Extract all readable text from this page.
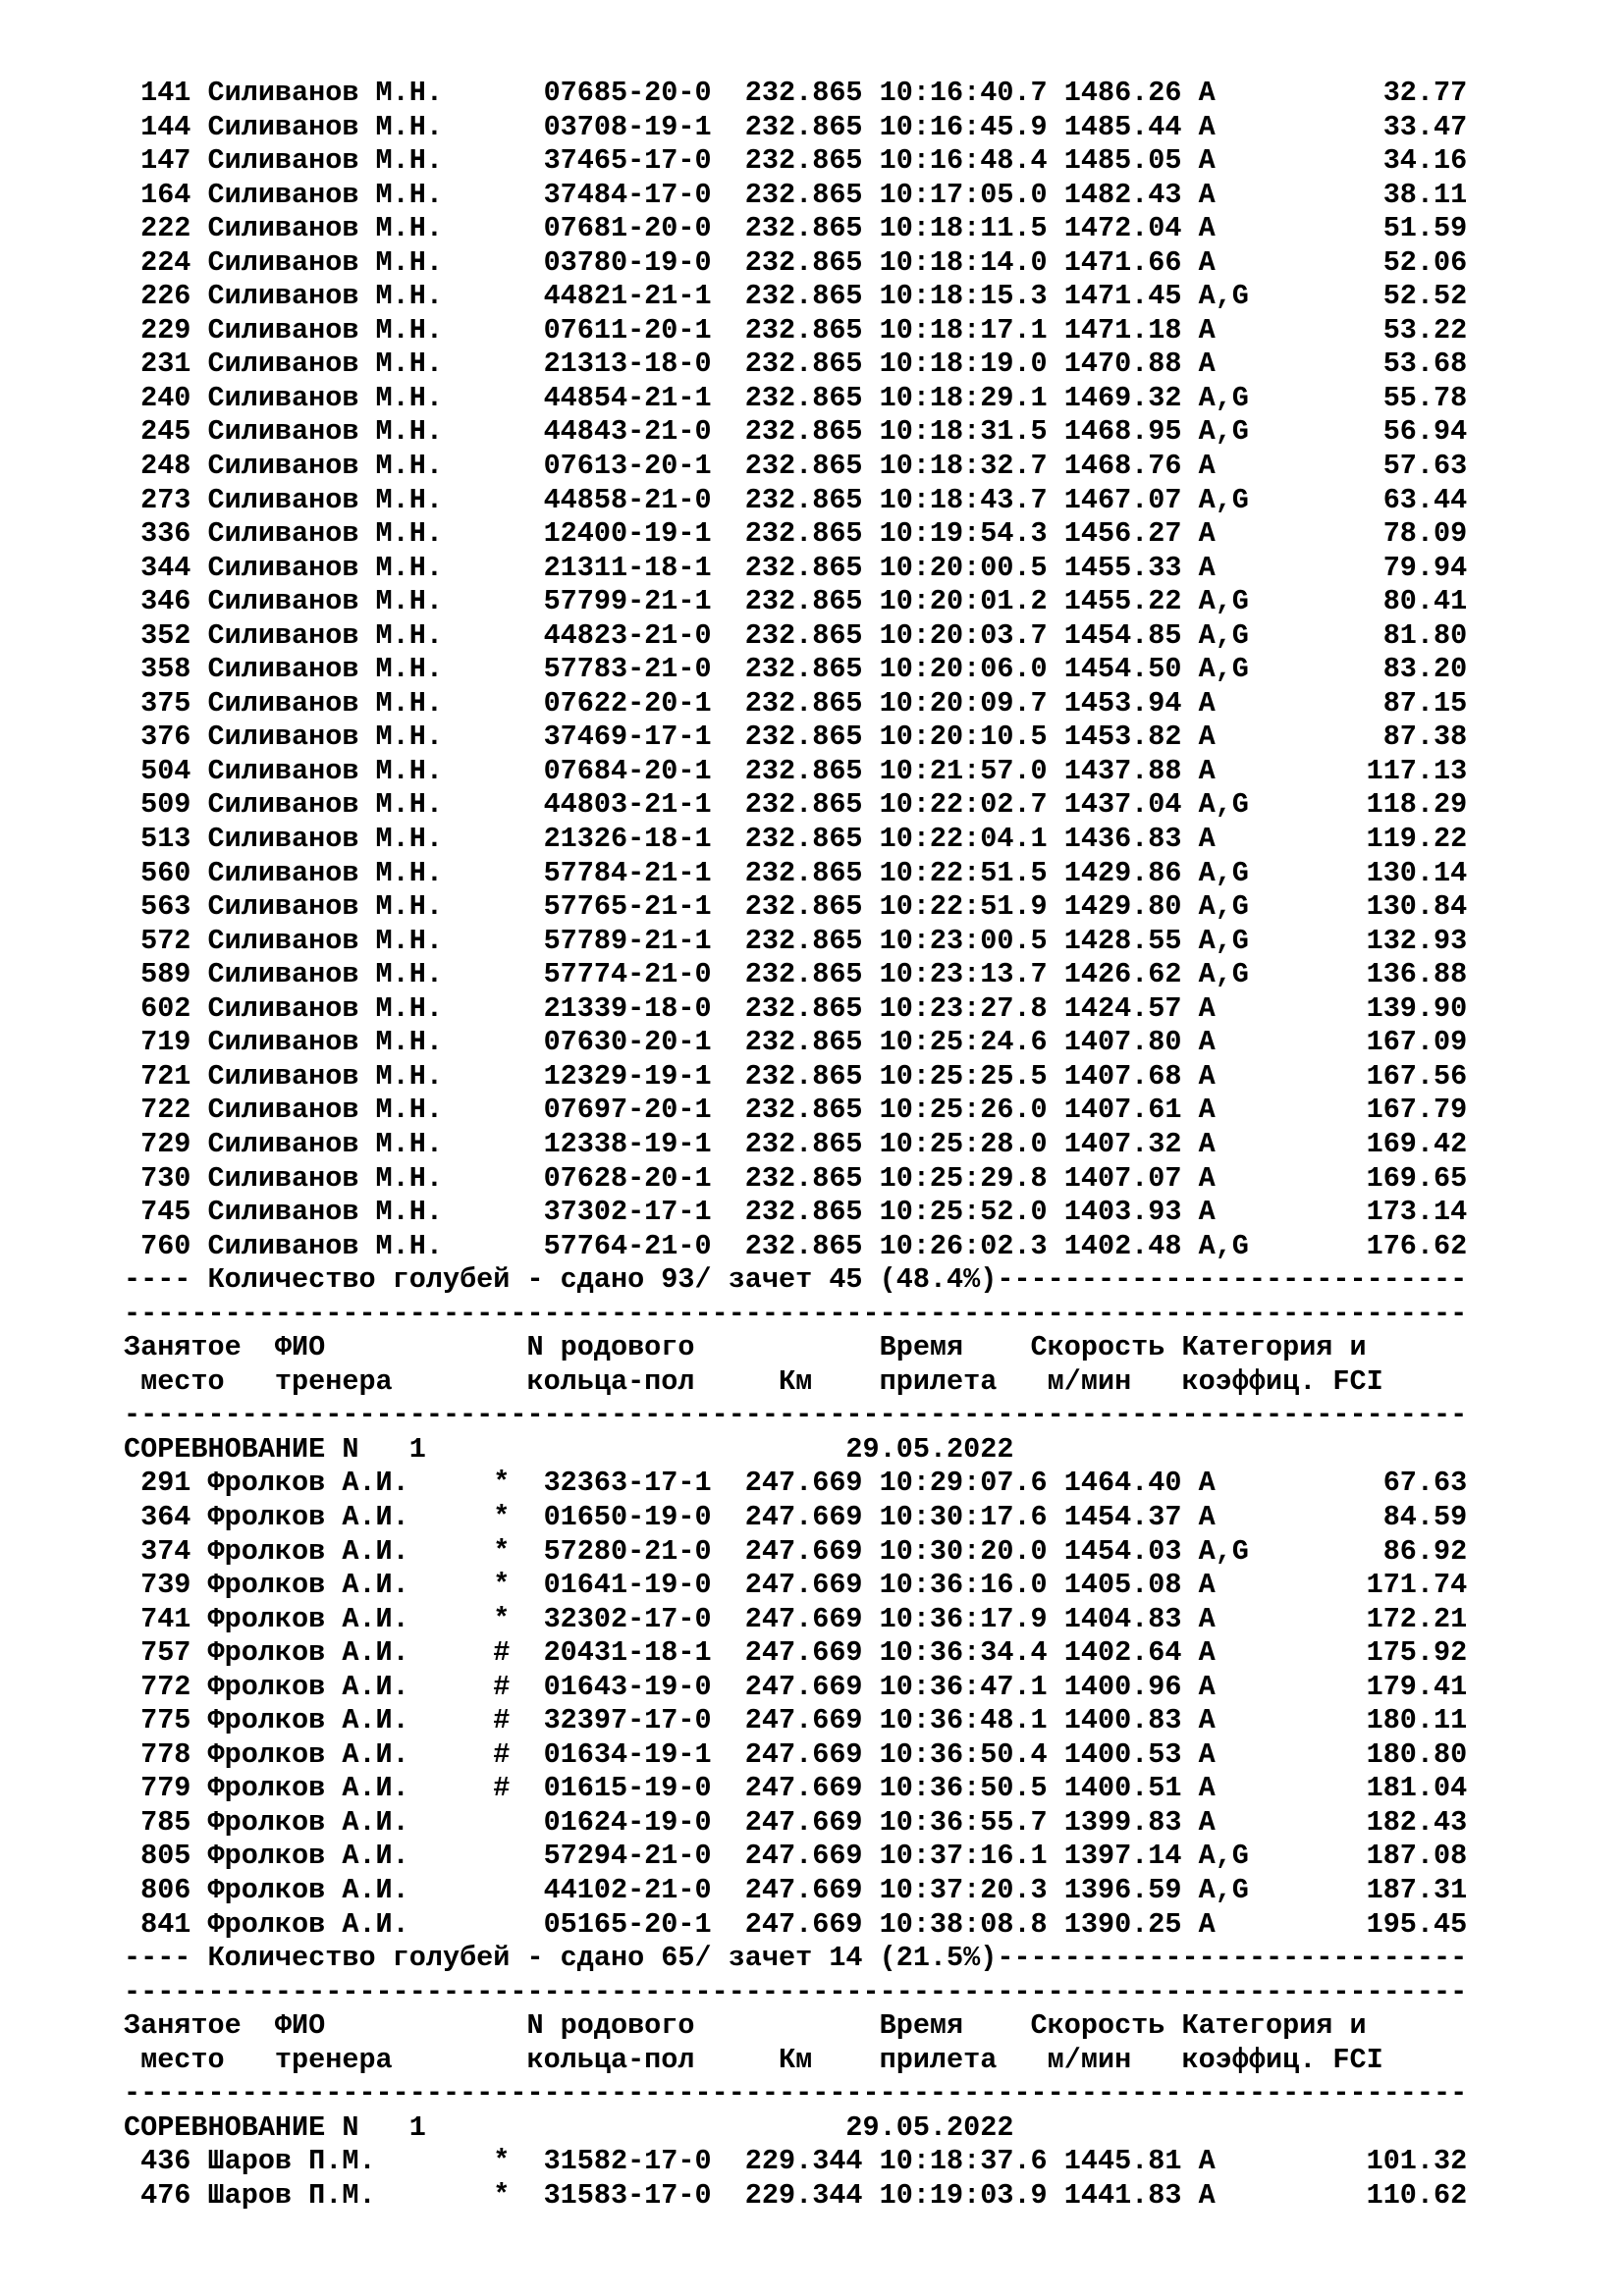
141 Силиванов М.Н.      07685-20-0  232.865 10:16:40.7 1486.26 A          32.77
144 Силиванов М.Н.      03708-19-1  232.865 10:16:45.9 1485.44 A          33.47
147 Силиванов М.Н.      37465-17-0  232.865 10:16:48.4 1485.05 A          34.16
164 Силиванов М.Н.      37484-17-0  232.865 10:17:05.0 1482.43 A          38.11
222 Силиванов М.Н.      07681-20-0  232.865 10:18:11.5 1472.04 A          51.59
224 Силиванов М.Н.      03780-19-0  232.865 10:18:14.0 1471.66 A          52.06
226 Силиванов М.Н.      44821-21-1  232.865 10:18:15.3 1471.45 A,G        52.52
229 Силиванов М.Н.      07611-20-1  232.865 10:18:17.1 1471.18 A          53.22
231 Силиванов М.Н.      21313-18-0  232.865 10:18:19.0 1470.88 A          53.68
240 Силиванов М.Н.      44854-21-1  232.865 10:18:29.1 1469.32 A,G        55.78
245 Силиванов М.Н.      44843-21-0  232.865 10:18:31.5 1468.95 A,G        56.94
248 Силиванов М.Н.      07613-20-1  232.865 10:18:32.7 1468.76 A          57.63
273 Силиванов М.Н.      44858-21-0  232.865 10:18:43.7 1467.07 A,G        63.44
336 Силиванов М.Н.      12400-19-1  232.865 10:19:54.3 1456.27 A          78.09
344 Силиванов М.Н.      21311-18-1  232.865 10:20:00.5 1455.33 A          79.94
346 Силиванов М.Н.      57799-21-1  232.865 10:20:01.2 1455.22 A,G        80.41
352 Силиванов М.Н.      44823-21-0  232.865 10:20:03.7 1454.85 A,G        81.80
358 Силиванов М.Н.      57783-21-0  232.865 10:20:06.0 1454.50 A,G        83.20
375 Силиванов М.Н.      07622-20-1  232.865 10:20:09.7 1453.94 A          87.15
376 Силиванов М.Н.      37469-17-1  232.865 10:20:10.5 1453.82 A          87.38
504 Силиванов М.Н.      07684-20-1  232.865 10:21:57.0 1437.88 A         117.13
509 Силиванов М.Н.      44803-21-1  232.865 10:22:02.7 1437.04 A,G       118.29
513 Силиванов М.Н.      21326-18-1  232.865 10:22:04.1 1436.83 A         119.22
560 Силиванов М.Н.      57784-21-1  232.865 10:22:51.5 1429.86 A,G       130.14
563 Силиванов М.Н.      57765-21-1  232.865 10:22:51.9 1429.80 A,G       130.84
572 Силиванов М.Н.      57789-21-1  232.865 10:23:00.5 1428.55 A,G       132.93
589 Силиванов М.Н.      57774-21-0  232.865 10:23:13.7 1426.62 A,G       136.88
602 Силиванов М.Н.      21339-18-0  232.865 10:23:27.8 1424.57 A         139.90
719 Силиванов М.Н.      07630-20-1  232.865 10:25:24.6 1407.80 A         167.09
721 Силиванов М.Н.      12329-19-1  232.865 10:25:25.5 1407.68 A         167.56
722 Силиванов М.Н.      07697-20-1  232.865 10:25:26.0 1407.61 A         167.79
729 Силиванов М.Н.      12338-19-1  232.865 10:25:28.0 1407.32 A         169.42
730 Силиванов М.Н.      07628-20-1  232.865 10:25:29.8 1407.07 A         169.65
745 Силиванов М.Н.      37302-17-1  232.865 10:25:52.0 1403.93 A         173.14
760 Силиванов М.Н.      57764-21-0  232.865 10:26:02.3 1402.48 A,G       176.62
---- Количество голубей - сдано 93/ зачет 45 (48.4%)----------------------------
--------------------------------------------------------------------------------
Занятое  ФИО            N родового           Время    Скорость Категория и
место   тренера        кольца-пол     Км    прилета   м/мин   коэффиц. FCI
--------------------------------------------------------------------------------
СОРЕВНОВАНИЕ N   1                         29.05.2022
291 Фролков А.И.     *  32363-17-1  247.669 10:29:07.6 1464.40 A          67.63
364 Фролков А.И.     *  01650-19-0  247.669 10:30:17.6 1454.37 A          84.59
374 Фролков А.И.     *  57280-21-0  247.669 10:30:20.0 1454.03 A,G        86.92
739 Фролков А.И.     *  01641-19-0  247.669 10:36:16.0 1405.08 A         171.74
741 Фролков А.И.     *  32302-17-0  247.669 10:36:17.9 1404.83 A         172.21
757 Фролков А.И.     #  20431-18-1  247.669 10:36:34.4 1402.64 A         175.92
772 Фролков А.И.     #  01643-19-0  247.669 10:36:47.1 1400.96 A         179.41
775 Фролков А.И.     #  32397-17-0  247.669 10:36:48.1 1400.83 A         180.11
778 Фролков А.И.     #  01634-19-1  247.669 10:36:50.4 1400.53 A         180.80
779 Фролков А.И.     #  01615-19-0  247.669 10:36:50.5 1400.51 A         181.04
785 Фролков А.И.        01624-19-0  247.669 10:36:55.7 1399.83 A         182.43
805 Фролков А.И.        57294-21-0  247.669 10:37:16.1 1397.14 A,G       187.08
806 Фролков А.И.        44102-21-0  247.669 10:37:20.3 1396.59 A,G       187.31
841 Фролков А.И.        05165-20-1  247.669 10:38:08.8 1390.25 A         195.45
---- Количество голубей - сдано 65/ зачет 14 (21.5%)----------------------------
--------------------------------------------------------------------------------
Занятое  ФИО            N родового           Время    Скорость Категория и
место   тренера        кольца-пол     Км    прилета   м/мин   коэффиц. FCI
--------------------------------------------------------------------------------
СОРЕВНОВАНИЕ N   1                         29.05.2022
436 Шаров П.М.       *  31582-17-0  229.344 10:18:37.6 1445.81 A         101.32
476 Шаров П.М.       *  31583-17-0  229.344 10:19:03.9 1441.83 A         110.62
